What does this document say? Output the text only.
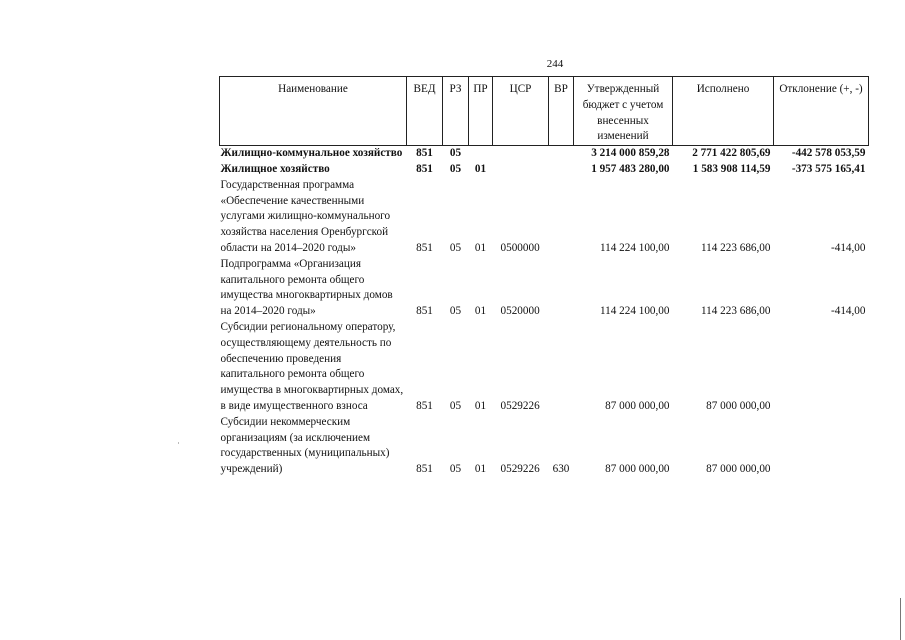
244
Наименование	ВЕД	РЗ	ПР	ЦСР	ВР	Утвержденный бюджет с учетом внесенных изменений	Исполнено	Отклонение (+, -)
Жилищно-коммунальное хозяйство	851	05				3 214 000 859,28	2 771 422 805,69	-442 578 053,59
Жилищное хозяйство	851	05	01			1 957 483 280,00	1 583 908 114,59	-373 575 165,41
Государственная программа «Обеспечение качественными услугами жилищно-коммунального хозяйства населения Оренбургской области на 2014–2020 годы»	851	05	01	0500000		114 224 100,00	114 223 686,00	-414,00
Подпрограмма «Организация капитального ремонта общего имущества многоквартирных домов на 2014–2020 годы»	851	05	01	0520000		114 224 100,00	114 223 686,00	-414,00
Субсидии региональному оператору, осуществляющему деятельность по обеспечению проведения капитального ремонта общего имущества в многоквартирных домах, в виде имущественного взноса	851	05	01	0529226		87 000 000,00	87 000 000,00	
Субсидии некоммерческим организациям (за исключением государственных (муниципальных) учреждений)	851	05	01	0529226	630	87 000 000,00	87 000 000,00	
